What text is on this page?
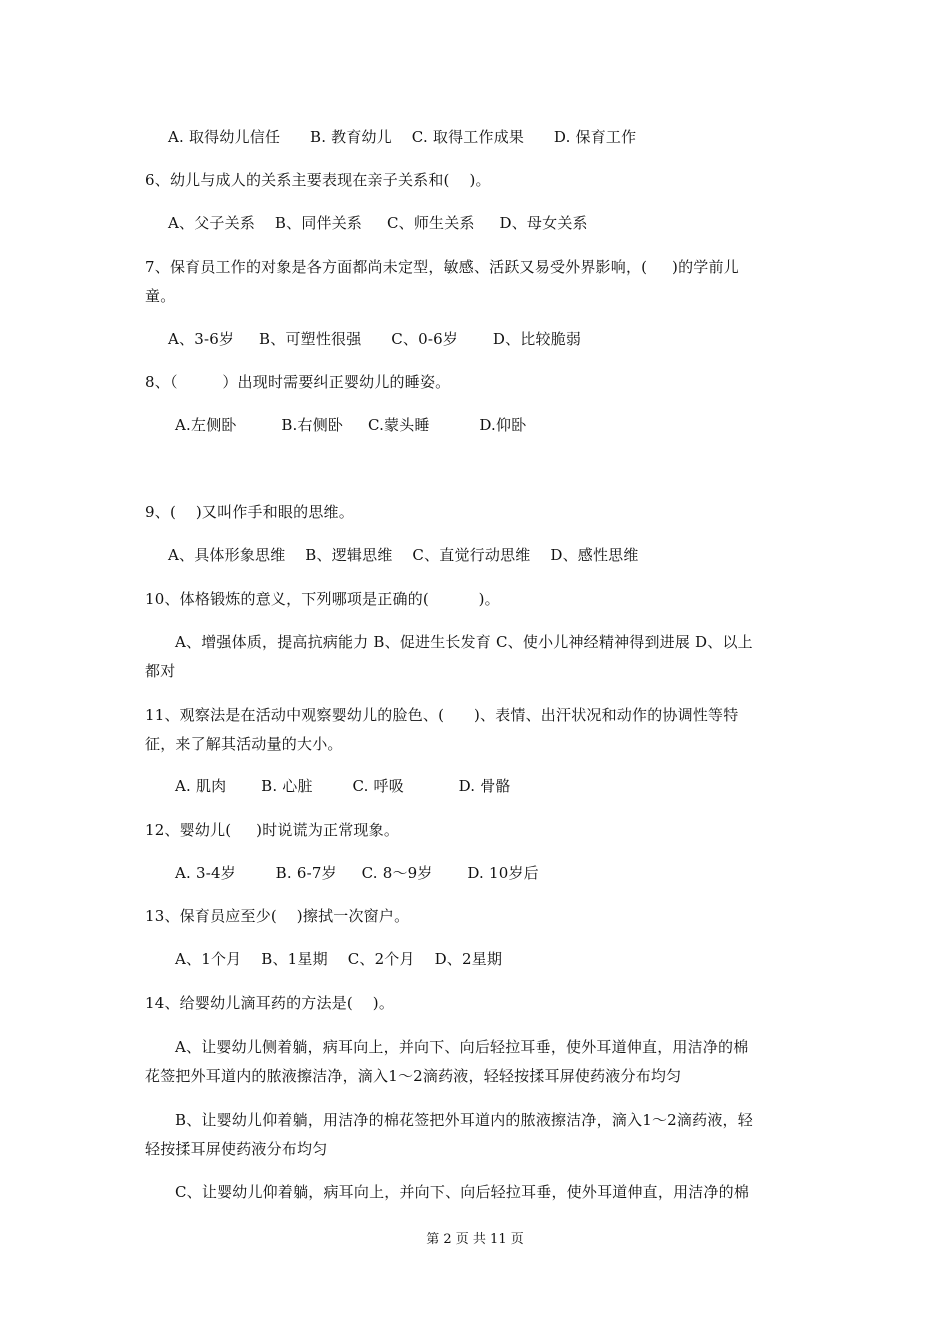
A. 取得幼儿信任      B. 教育幼儿    C. 取得工作成果      D. 保育工作
6、幼儿与成人的关系主要表现在亲子关系和(    )。
A、父子关系    B、同伴关系     C、师生关系     D、母女关系
7、保育员工作的对象是各方面都尚未定型，敏感、活跃又易受外界影响，(     )的学前儿
童。
A、3-6岁     B、可塑性很强      C、0-6岁       D、比较脆弱
8、（         ）出现时需要纠正婴幼儿的睡姿。
A.左侧卧         B.右侧卧     C.蒙头睡          D.仰卧
9、(    )又叫作手和眼的思维。
A、具体形象思维    B、逻辑思维    C、直觉行动思维    D、感性思维
10、体格锻炼的意义，下列哪项是正确的(          )。
A、增强体质，提高抗病能力 B、促进生长发育 C、使小儿神经精神得到进展 D、以上
都对
11、观察法是在活动中观察婴幼儿的脸色、(      )、表情、出汗状况和动作的协调性等特
征，来了解其活动量的大小。
A. 肌肉       B. 心脏        C. 呼吸           D. 骨骼
12、婴幼儿(     )时说谎为正常现象。
A. 3-4岁        B. 6-7岁     C. 8～9岁       D. 10岁后
13、保育员应至少(    )擦拭一次窗户。
A、1个月    B、1星期    C、2个月    D、2星期
14、给婴幼儿滴耳药的方法是(    )。
A、让婴幼儿侧着躺，病耳向上，并向下、向后轻拉耳垂，使外耳道伸直，用洁净的棉
花签把外耳道内的脓液擦洁净，滴入1～2滴药液，轻轻按揉耳屏使药液分布均匀
B、让婴幼儿仰着躺，用洁净的棉花签把外耳道内的脓液擦洁净，滴入1～2滴药液，轻
轻按揉耳屏使药液分布均匀
C、让婴幼儿仰着躺，病耳向上，并向下、向后轻拉耳垂，使外耳道伸直，用洁净的棉
第 2 页 共 11 页
